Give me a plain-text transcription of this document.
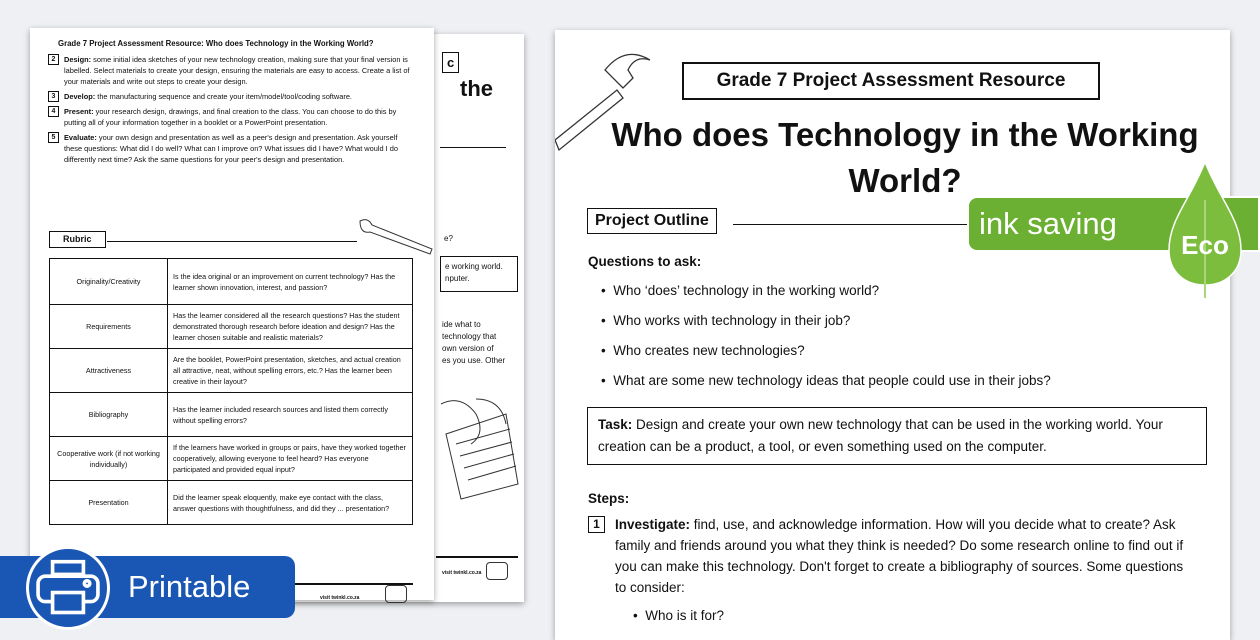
c
the
e?
e working world.
nputer.
ide what to
technology that
own version of
es you use. Other
visit twinkl.co.za
Grade 7 Project Assessment Resource: Who does Technology in the Working World?
2	Design: some initial idea sketches of your new technology creation, making sure that your final version is labelled. Select materials to create your design, ensuring the materials are easy to access. Create a list of your materials and write out steps to create your design.
3	Develop: the manufacturing sequence and create your item/model/tool/coding software.
4	Present: your research design, drawings, and final creation to the class. You can choose to do this by putting all of your information together in a booklet or a PowerPoint presentation.
5	Evaluate: your own design and presentation as well as a peer's design and presentation. Ask yourself these questions: What did I do well? What can I improve on? What issues did I have? What would I do differently next time? Ask the same questions for your peer's design and presentation.
Rubric
Originality/Creativity	Is the idea original or an improvement on current technology? Has the learner shown innovation, interest, and passion?
Requirements	Has the learner considered all the research questions? Has the student demonstrated thorough research before ideation and design? Has the learner chosen suitable and realistic materials?
Attractiveness	Are the booklet, PowerPoint presentation, sketches, and actual creation all attractive, neat, without spelling errors, etc.? Has the learner been creative in their layout?
Bibliography	Has the learner included research sources and listed them correctly without spelling errors?
Cooperative work (if not working individually)	If the learners have worked in groups or pairs, have they worked together cooperatively, allowing everyone to feel heard? Has everyone participated and provided equal input?
Presentation	Did the learner speak eloquently, make eye contact with the class, answer questions with thoughtfulness, and did they ... presentation?
visit twinkl.co.za
Grade 7 Project Assessment Resource
Who does Technology in the Working World?
Project Outline
Questions to ask:
•  Who ‘does’ technology in the working world?
•  Who works with technology in their job?
•  Who creates new technologies?
•  What are some new technology ideas that people could use in their jobs?
Task: Design and create your own new technology that can be used in the working world. Your creation can be a product, a tool, or even something used on the computer.
Steps:
1	Investigate: find, use, and acknowledge information. How will you decide what to create? Ask family and friends around you what they think is needed? Do some research online to find out if you can make this technology. Don't forget to create a bibliography of sources. Some questions to consider:
•  Who is it for?
Printable
ink saving
Eco
